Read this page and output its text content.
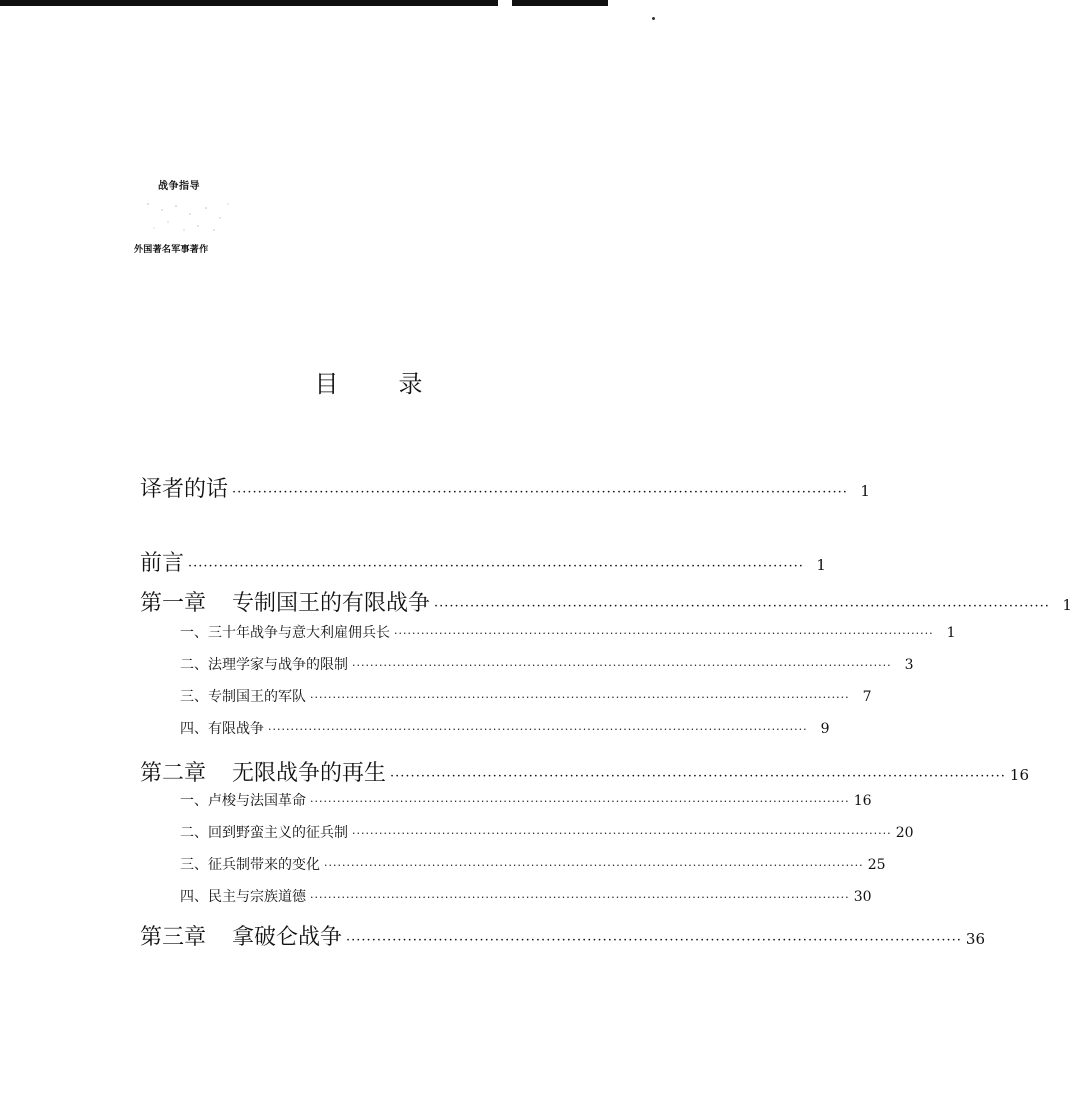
战争指导
外国著名军事著作
目录
译者的话 ························································································································ 1
前言 ························································································································ 1
第一章 专制国王的有限战争 ························································································································ 1
一、三十年战争与意大利雇佣兵长 ························································································································ 1
二、法理学家与战争的限制 ························································································································ 3
三、专制国王的军队 ························································································································ 7
四、有限战争 ························································································································ 9
第二章 无限战争的再生 ························································································································ 16
一、卢梭与法国革命 ························································································································ 16
二、回到野蛮主义的征兵制 ························································································································ 20
三、征兵制带来的变化 ························································································································ 25
四、民主与宗族道德 ························································································································ 30
第三章 拿破仑战争 ························································································································ 36
